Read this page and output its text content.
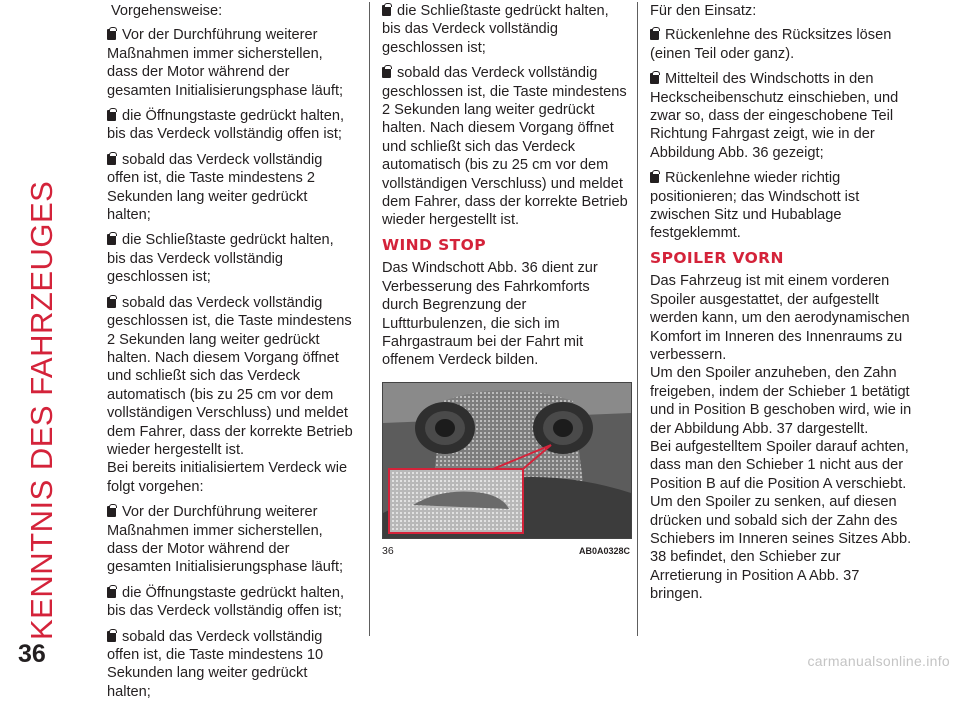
KENNTNIS DES FAHRZEUGES
36	carmanualsonline.info
Vorgehensweise:
Vor der Durchführung weiterer Maßnahmen immer sicherstellen, dass der Motor während der gesamten Initialisierungsphase läuft;
die Öffnungstaste gedrückt halten, bis das Verdeck vollständig offen ist;
sobald das Verdeck vollständig offen ist, die Taste mindestens 2 Sekunden lang weiter gedrückt halten;
die Schließtaste gedrückt halten, bis das Verdeck vollständig geschlossen ist;
sobald das Verdeck vollständig geschlossen ist, die Taste mindestens 2 Sekunden lang weiter gedrückt halten. Nach diesem Vorgang öffnet und schließt sich das Verdeck automatisch (bis zu 25 cm vor dem vollständigen Verschluss) und meldet dem Fahrer, dass der korrekte Betrieb wieder hergestellt ist.
Bei bereits initialisiertem Verdeck wie folgt vorgehen:
Vor der Durchführung weiterer Maßnahmen immer sicherstellen, dass der Motor während der gesamten Initialisierungsphase läuft;
die Öffnungstaste gedrückt halten, bis das Verdeck vollständig offen ist;
sobald das Verdeck vollständig offen ist, die Taste mindestens 10 Sekunden lang weiter gedrückt halten;
die Schließtaste gedrückt halten, bis das Verdeck vollständig geschlossen ist;
sobald das Verdeck vollständig geschlossen ist, die Taste mindestens 2 Sekunden lang weiter gedrückt halten. Nach diesem Vorgang öffnet und schließt sich das Verdeck automatisch (bis zu 25 cm vor dem vollständigen Verschluss) und meldet dem Fahrer, dass der korrekte Betrieb wieder hergestellt ist.
WIND STOP
Das Windschott Abb. 36 dient zur Verbesserung des Fahrkomforts durch Begrenzung der Luftturbulenzen, die sich im Fahrgastraum bei der Fahrt mit offenem Verdeck bilden.
36	AB0A0328C
Für den Einsatz:
Rückenlehne des Rücksitzes lösen (einen Teil oder ganz).
Mittelteil des Windschotts in den Heckscheibenschutz einschieben, und zwar so, dass der eingeschobene Teil Richtung Fahrgast zeigt, wie in der Abbildung Abb. 36 gezeigt;
Rückenlehne wieder richtig positionieren; das Windschott ist zwischen Sitz und Hubablage festgeklemmt.
SPOILER VORN
Das Fahrzeug ist mit einem vorderen Spoiler ausgestattet, der aufgestellt werden kann, um den aerodynamischen Komfort im Inneren des Innenraums zu verbessern.
Um den Spoiler anzuheben, den Zahn freigeben, indem der Schieber 1 betätigt und in Position B geschoben wird, wie in der Abbildung Abb. 37 dargestellt.
Bei aufgestelltem Spoiler darauf achten, dass man den Schieber 1 nicht aus der Position B auf die Position A verschiebt.
Um den Spoiler zu senken, auf diesen drücken und sobald sich der Zahn des Schiebers im Inneren seines Sitzes Abb. 38 befindet, den Schieber zur Arretierung in Position A Abb. 37 bringen.
